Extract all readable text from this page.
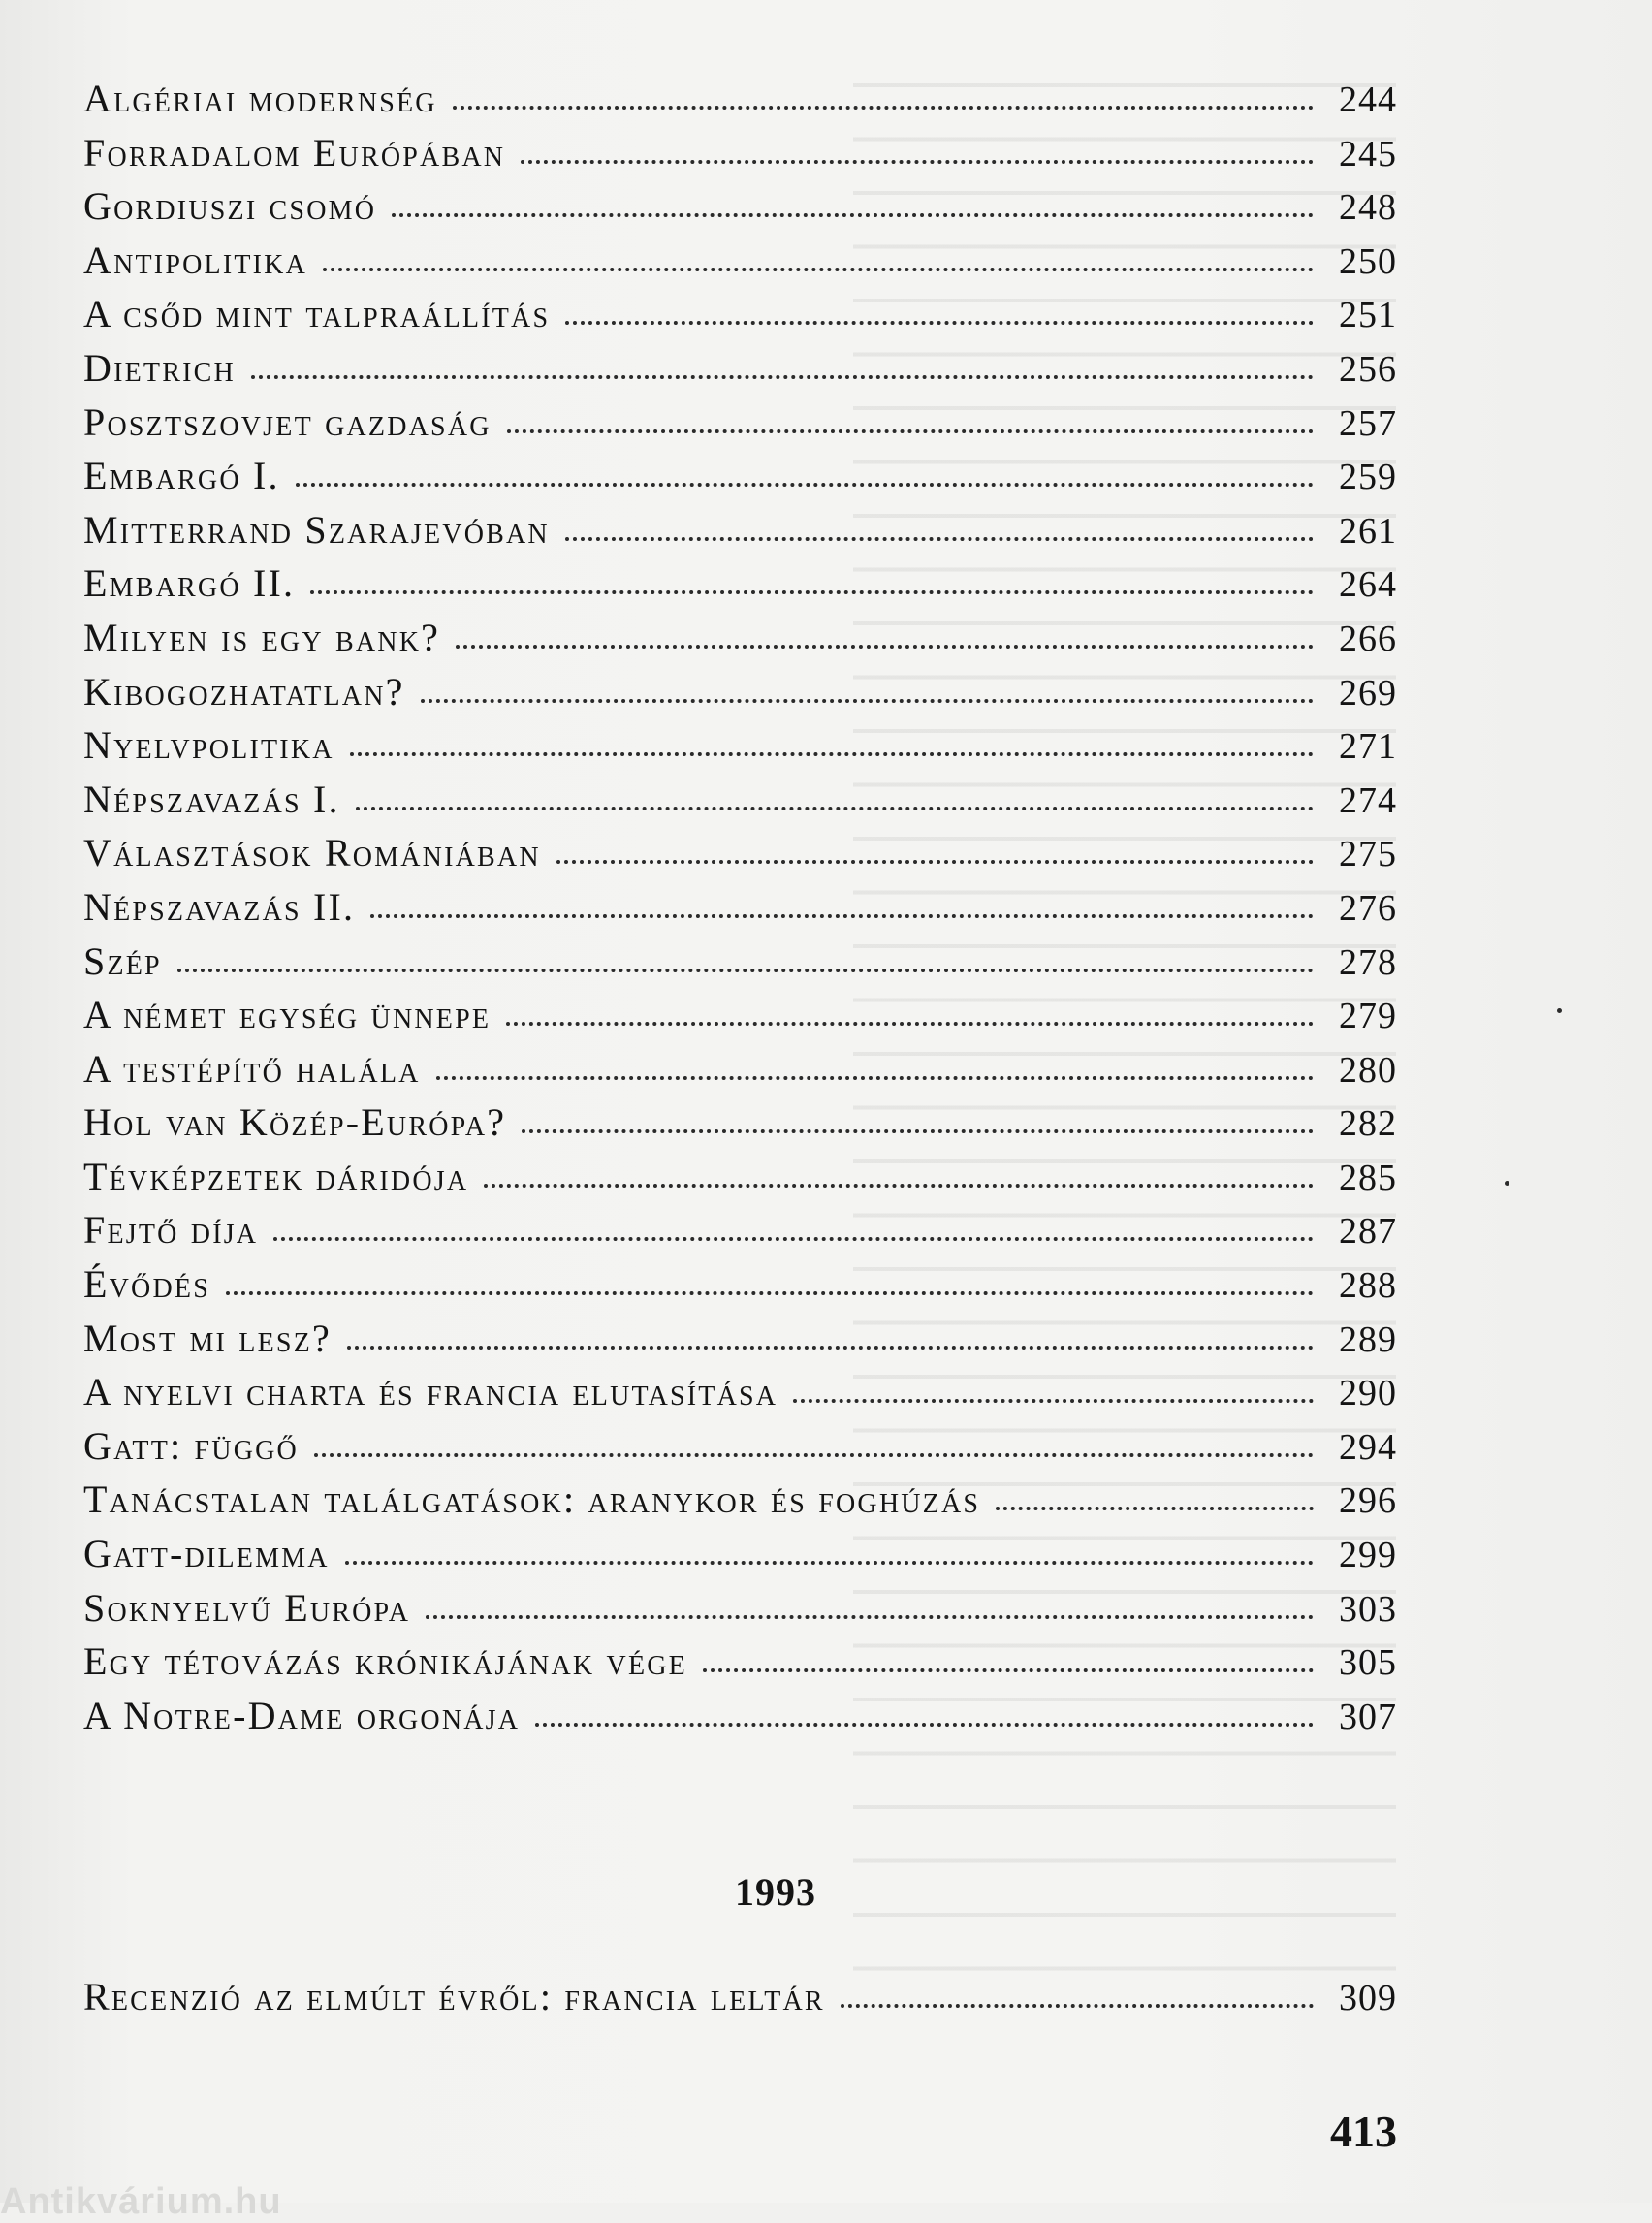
Algériai modernség	244
Forradalom Európában	245
Gordiuszi csomó	248
Antipolitika	250
A csőd mint talpraállítás	251
Dietrich	256
Posztszovjet gazdaság	257
Embargó I.	259
Mitterrand Szarajevóban	261
Embargó II.	264
Milyen is egy bank?	266
Kibogozhatatlan?	269
Nyelvpolitika	271
Népszavazás I.	274
Választások Romániában	275
Népszavazás II.	276
Szép	278
A német egység ünnepe	279
A testépítő halála	280
Hol van Közép-Európa?	282
Tévképzetek dáridója	285
Fejtő díja	287
Évődés	288
Most mi lesz?	289
A nyelvi charta és francia elutasítása	290
Gatt: függő	294
Tanácstalan találgatások: aranykor és foghúzás	296
Gatt-dilemma	299
Soknyelvű Európa	303
Egy tétovázás krónikájának vége	305
A Notre-Dame orgonája	307
1993
Recenzió az elmúlt évről: francia leltár	309
413
Antikvárium.hu
